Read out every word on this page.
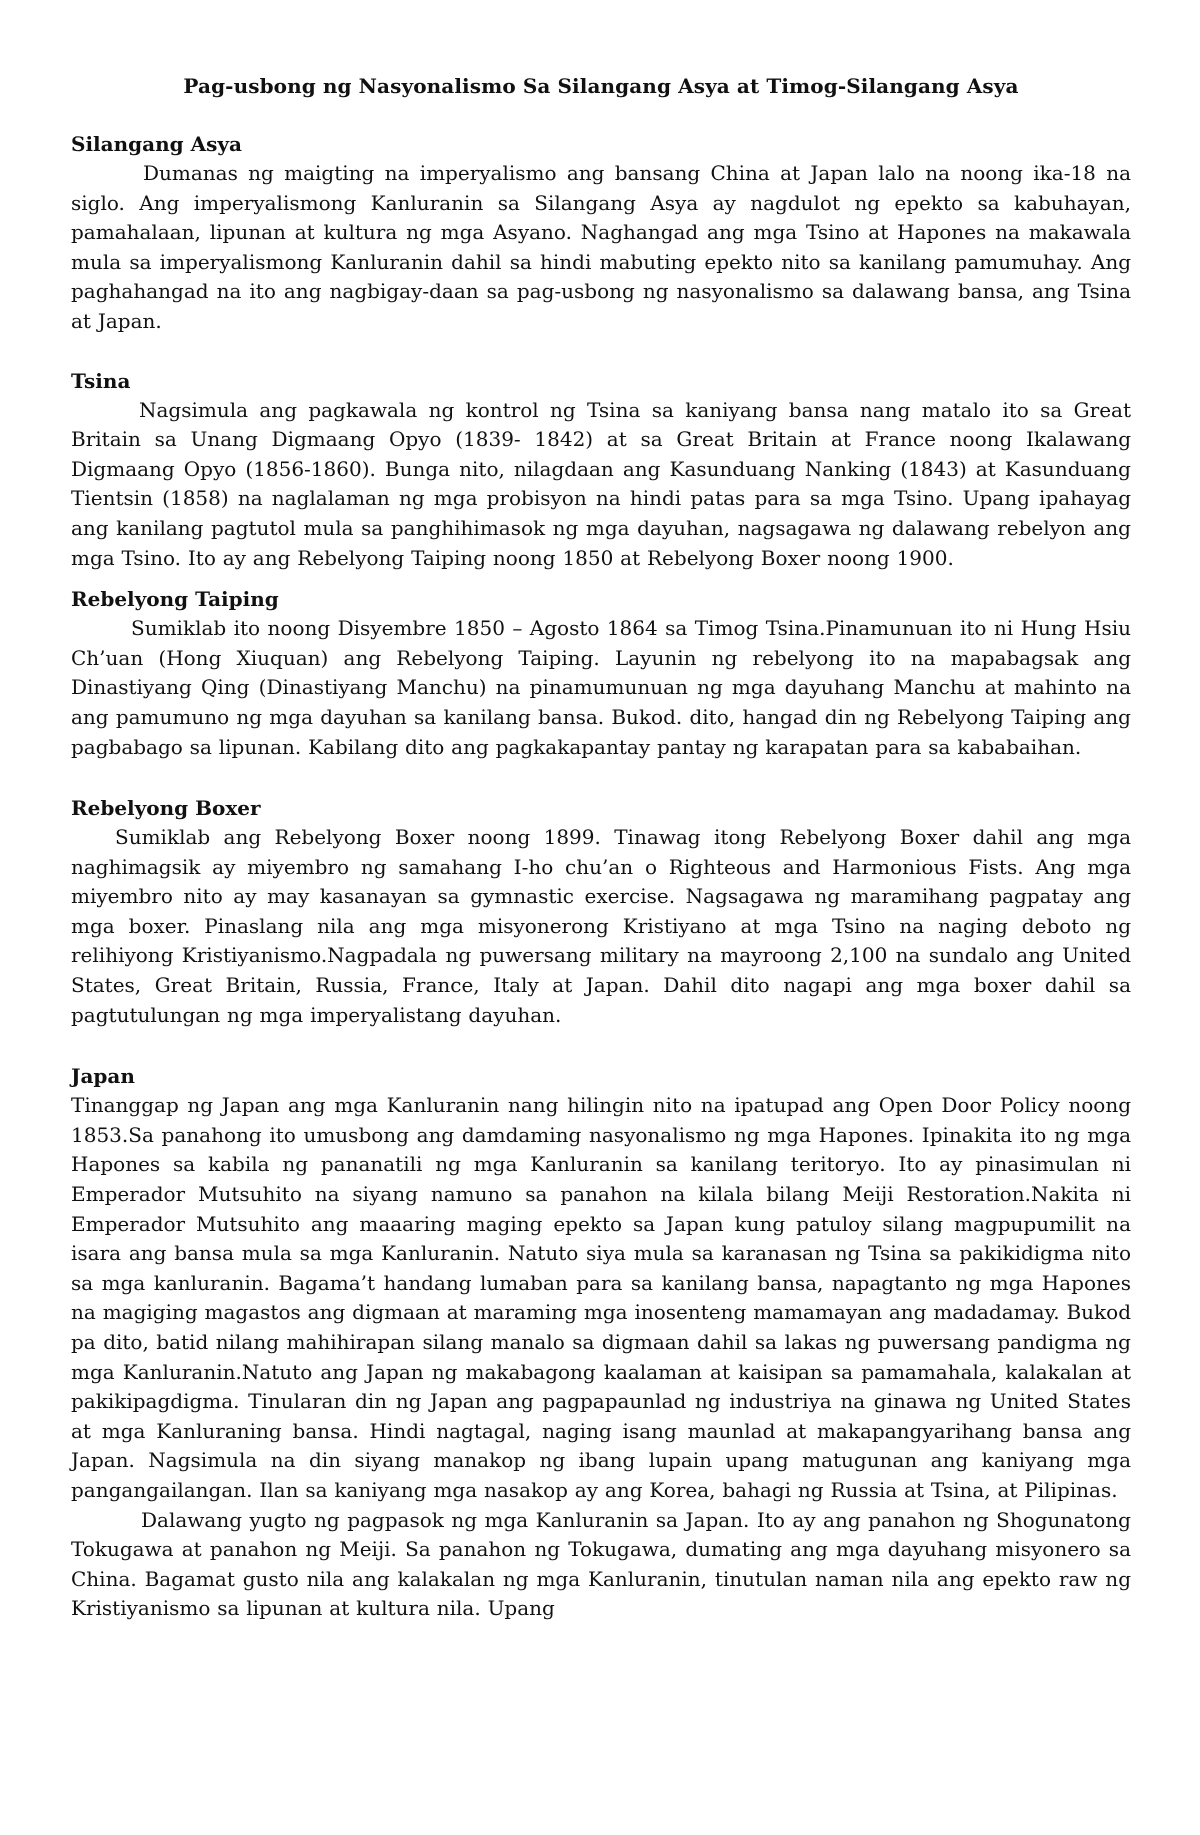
Pag-usbong ng Nasyonalismo Sa Silangang Asya at Timog-Silangang Asya
Silangang Asya

Dumanas ng maigting na imperyalismo ang bansang China at Japan lalo na noong ika-18 na siglo. Ang imperyalismong Kanluranin sa Silangang Asya ay nagdulot ng epekto sa kabuhayan, pamahalaan, lipunan at kultura ng mga Asyano. Naghangad ang mga Tsino at Hapones na makawala mula sa imperyalismong Kanluranin dahil sa hindi mabuting epekto nito sa kanilang pamumuhay. Ang paghahangad na ito ang nagbigay-daan sa pag-usbong ng nasyonalismo sa dalawang bansa, ang Tsina at Japan.

Tsina

Nagsimula ang pagkawala ng kontrol ng Tsina sa kaniyang bansa nang matalo ito sa Great Britain sa Unang Digmaang Opyo (1839- 1842) at sa Great Britain at France noong Ikalawang Digmaang Opyo (1856-1860). Bunga nito, nilagdaan ang Kasunduang Nanking (1843) at Kasunduang Tientsin (1858) na naglalaman ng mga probisyon na hindi patas para sa mga Tsino. Upang ipahayag ang kanilang pagtutol mula sa panghihimasok ng mga dayuhan, nagsagawa ng dalawang rebelyon ang mga Tsino. Ito ay ang Rebelyong Taiping noong 1850 at Rebelyong Boxer noong 1900.

Rebelyong Taiping

Sumiklab ito noong Disyembre 1850 – Agosto 1864 sa Timog Tsina.Pinamunuan ito ni Hung Hsiu Ch’uan (Hong Xiuquan) ang Rebelyong Taiping. Layunin ng rebelyong ito na mapabagsak ang Dinastiyang Qing (Dinastiyang Manchu) na pinamumunuan ng mga dayuhang Manchu at mahinto na ang pamumuno ng mga dayuhan sa kanilang bansa. Bukod. dito, hangad din ng Rebelyong Taiping ang pagbabago sa lipunan. Kabilang dito ang pagkakapantay pantay ng karapatan para sa kababaihan.

Rebelyong Boxer

Sumiklab ang Rebelyong Boxer noong 1899. Tinawag itong Rebelyong Boxer dahil ang mga naghimagsik ay miyembro ng samahang I-ho chu’an o Righteous and Harmonious Fists. Ang mga miyembro nito ay may kasanayan sa gymnastic exercise. Nagsagawa ng maramihang pagpatay ang mga boxer. Pinaslang nila ang mga misyonerong Kristiyano at mga Tsino na naging deboto ng relihiyong Kristiyanismo.Nagpadala ng puwersang military na mayroong 2,100 na sundalo ang United States, Great Britain, Russia, France, Italy at Japan. Dahil dito nagapi ang mga boxer dahil sa pagtutulungan ng mga imperyalistang dayuhan.

Japan

Tinanggap ng Japan ang mga Kanluranin nang hilingin nito na ipatupad ang Open Door Policy noong 1853.Sa panahong ito umusbong ang damdaming nasyonalismo ng mga Hapones. Ipinakita ito ng mga Hapones sa kabila ng pananatili ng mga Kanluranin sa kanilang teritoryo. Ito ay pinasimulan ni Emperador Mutsuhito na siyang namuno sa panahon na kilala bilang Meiji Restoration.Nakita ni Emperador Mutsuhito ang maaaring maging epekto sa Japan kung patuloy silang magpupumilit na isara ang bansa mula sa mga Kanluranin. Natuto siya mula sa karanasan ng Tsina sa pakikidigma nito sa mga kanluranin. Bagama’t handang lumaban para sa kanilang bansa, napagtanto ng mga Hapones na magiging magastos ang digmaan at maraming mga inosenteng mamamayan ang madadamay. Bukod pa dito, batid nilang mahihirapan silang manalo sa digmaan dahil sa lakas ng puwersang pandigma ng mga Kanluranin.Natuto ang Japan ng makabagong kaalaman at kaisipan sa pamamahala, kalakalan at pakikipagdigma. Tinularan din ng Japan ang pagpapaunlad ng industriya na ginawa ng United States at mga Kanluraning bansa. Hindi nagtagal, naging isang maunlad at makapangyarihang bansa ang Japan. Nagsimula na din siyang manakop ng ibang lupain upang matugunan ang kaniyang mga pangangailangan. Ilan sa kaniyang mga nasakop ay ang Korea, bahagi ng Russia at Tsina, at Pilipinas.

Dalawang yugto ng pagpasok ng mga Kanluranin sa Japan. Ito ay ang panahon ng Shogunatong Tokugawa at panahon ng Meiji. Sa panahon ng Tokugawa, dumating ang mga dayuhang misyonero sa China. Bagamat gusto nila ang kalakalan ng mga Kanluranin, tinutulan naman nila ang epekto raw ng Kristiyanismo sa lipunan at kultura nila. Upang
